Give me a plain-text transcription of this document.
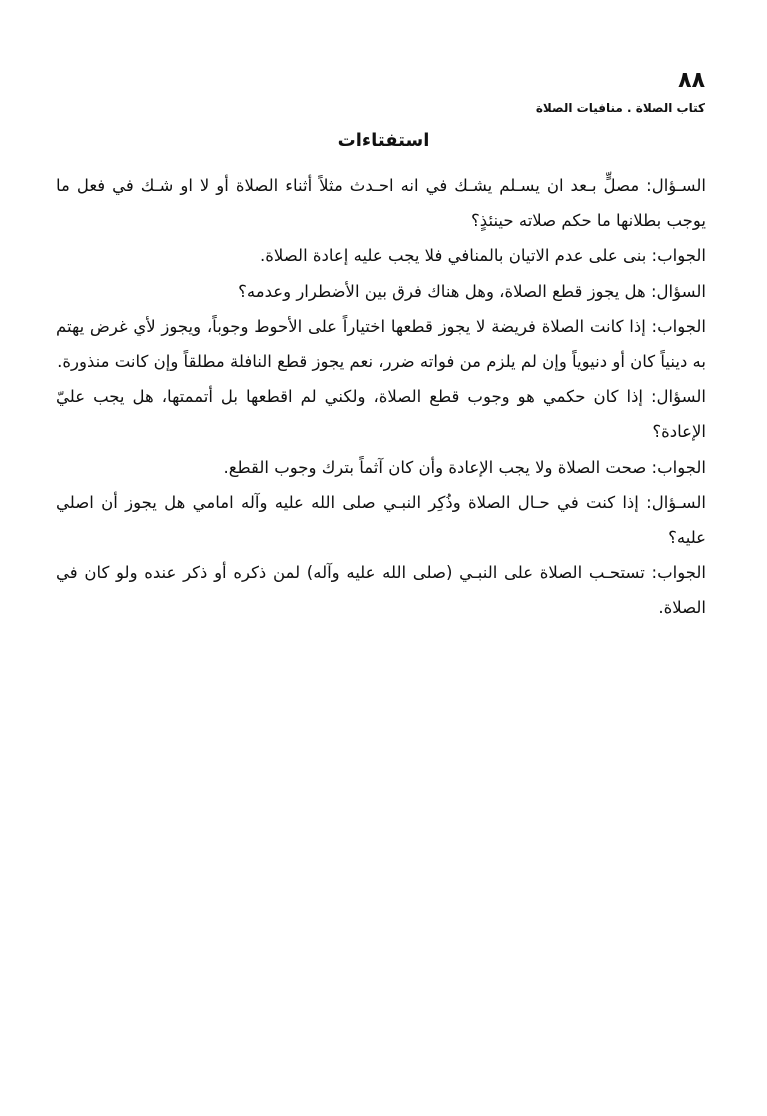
٨٨
كتاب الصلاة . منافيات الصلاة
استفتاءات

السـؤال: مصلٍّ بـعد ان يسـلم يشـك في انه احـدث مثلاً أثناء الصلاة أو لا او شـك في فعل ما يوجب بطلانها ما حكم صلاته حينئذٍ؟

الجواب: بنى على عدم الاتيان بالمنافي فلا يجب عليه إعادة الصلاة.

السؤال: هل يجوز قطع الصلاة، وهل هناك فرق بين الأضطرار وعدمه؟

الجواب: إذا كانت الصلاة فريضة لا يجوز قطعها اختياراً على الأحوط وجوباً، ويجوز لأي غرض يهتم به دينياً كان أو دنيوياً وإن لم يلزم من فواته ضرر، نعم يجوز قطع النافلة مطلقاً وإن كانت منذورة.

السؤال: إذا كان حكمي هو وجوب قطع الصلاة، ولكني لم اقطعها بل أتممتها، هل يجب عليّ الإعادة؟

الجواب: صحت الصلاة ولا يجب الإعادة وأن كان آثماً بترك وجوب القطع.

السـؤال: إذا كنت في حـال الصلاة وذُكِر النبـي صلى الله عليه وآله امامي هل يجوز أن اصلي عليه؟

الجواب: تستحـب الصلاة على النبـي (صلى الله عليه وآله) لمن ذكره أو ذكر عنده ولو كان في الصلاة.
